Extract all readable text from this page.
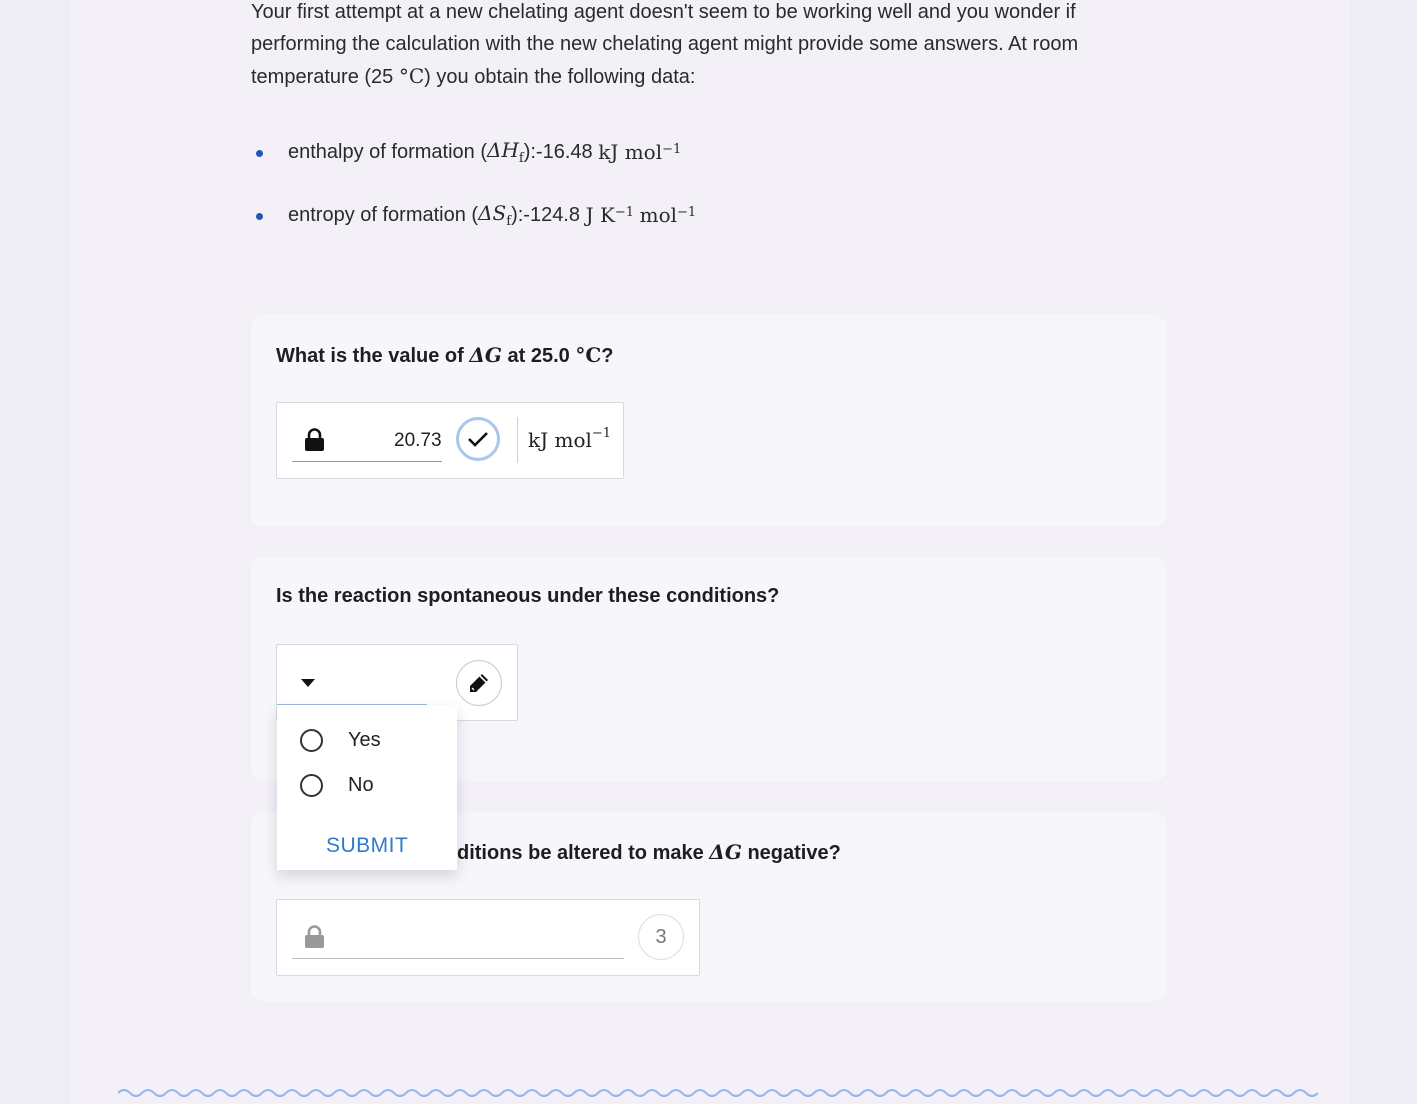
Your first attempt at a new chelating agent doesn't seem to be working well and you wonder if

performing the calculation with the new chelating agent might provide some answers. At room

temperature (25 °C) you obtain the following data:

enthalpy of formation ( $\Delta H_f$ ): -16.48
kJ mol$^{-1}$
entropy of formation ( $\Delta S_f$ ): -124.8
J $K^{-1}$
mol$^{-1}$
What is the value of ΔG at 25.0 °C?
20.73	kJ mol$^{-1}$
Is the reaction spontaneous under these conditions?
ditions be altered to make ΔG negative?
3
Yes
No
SUBMIT
